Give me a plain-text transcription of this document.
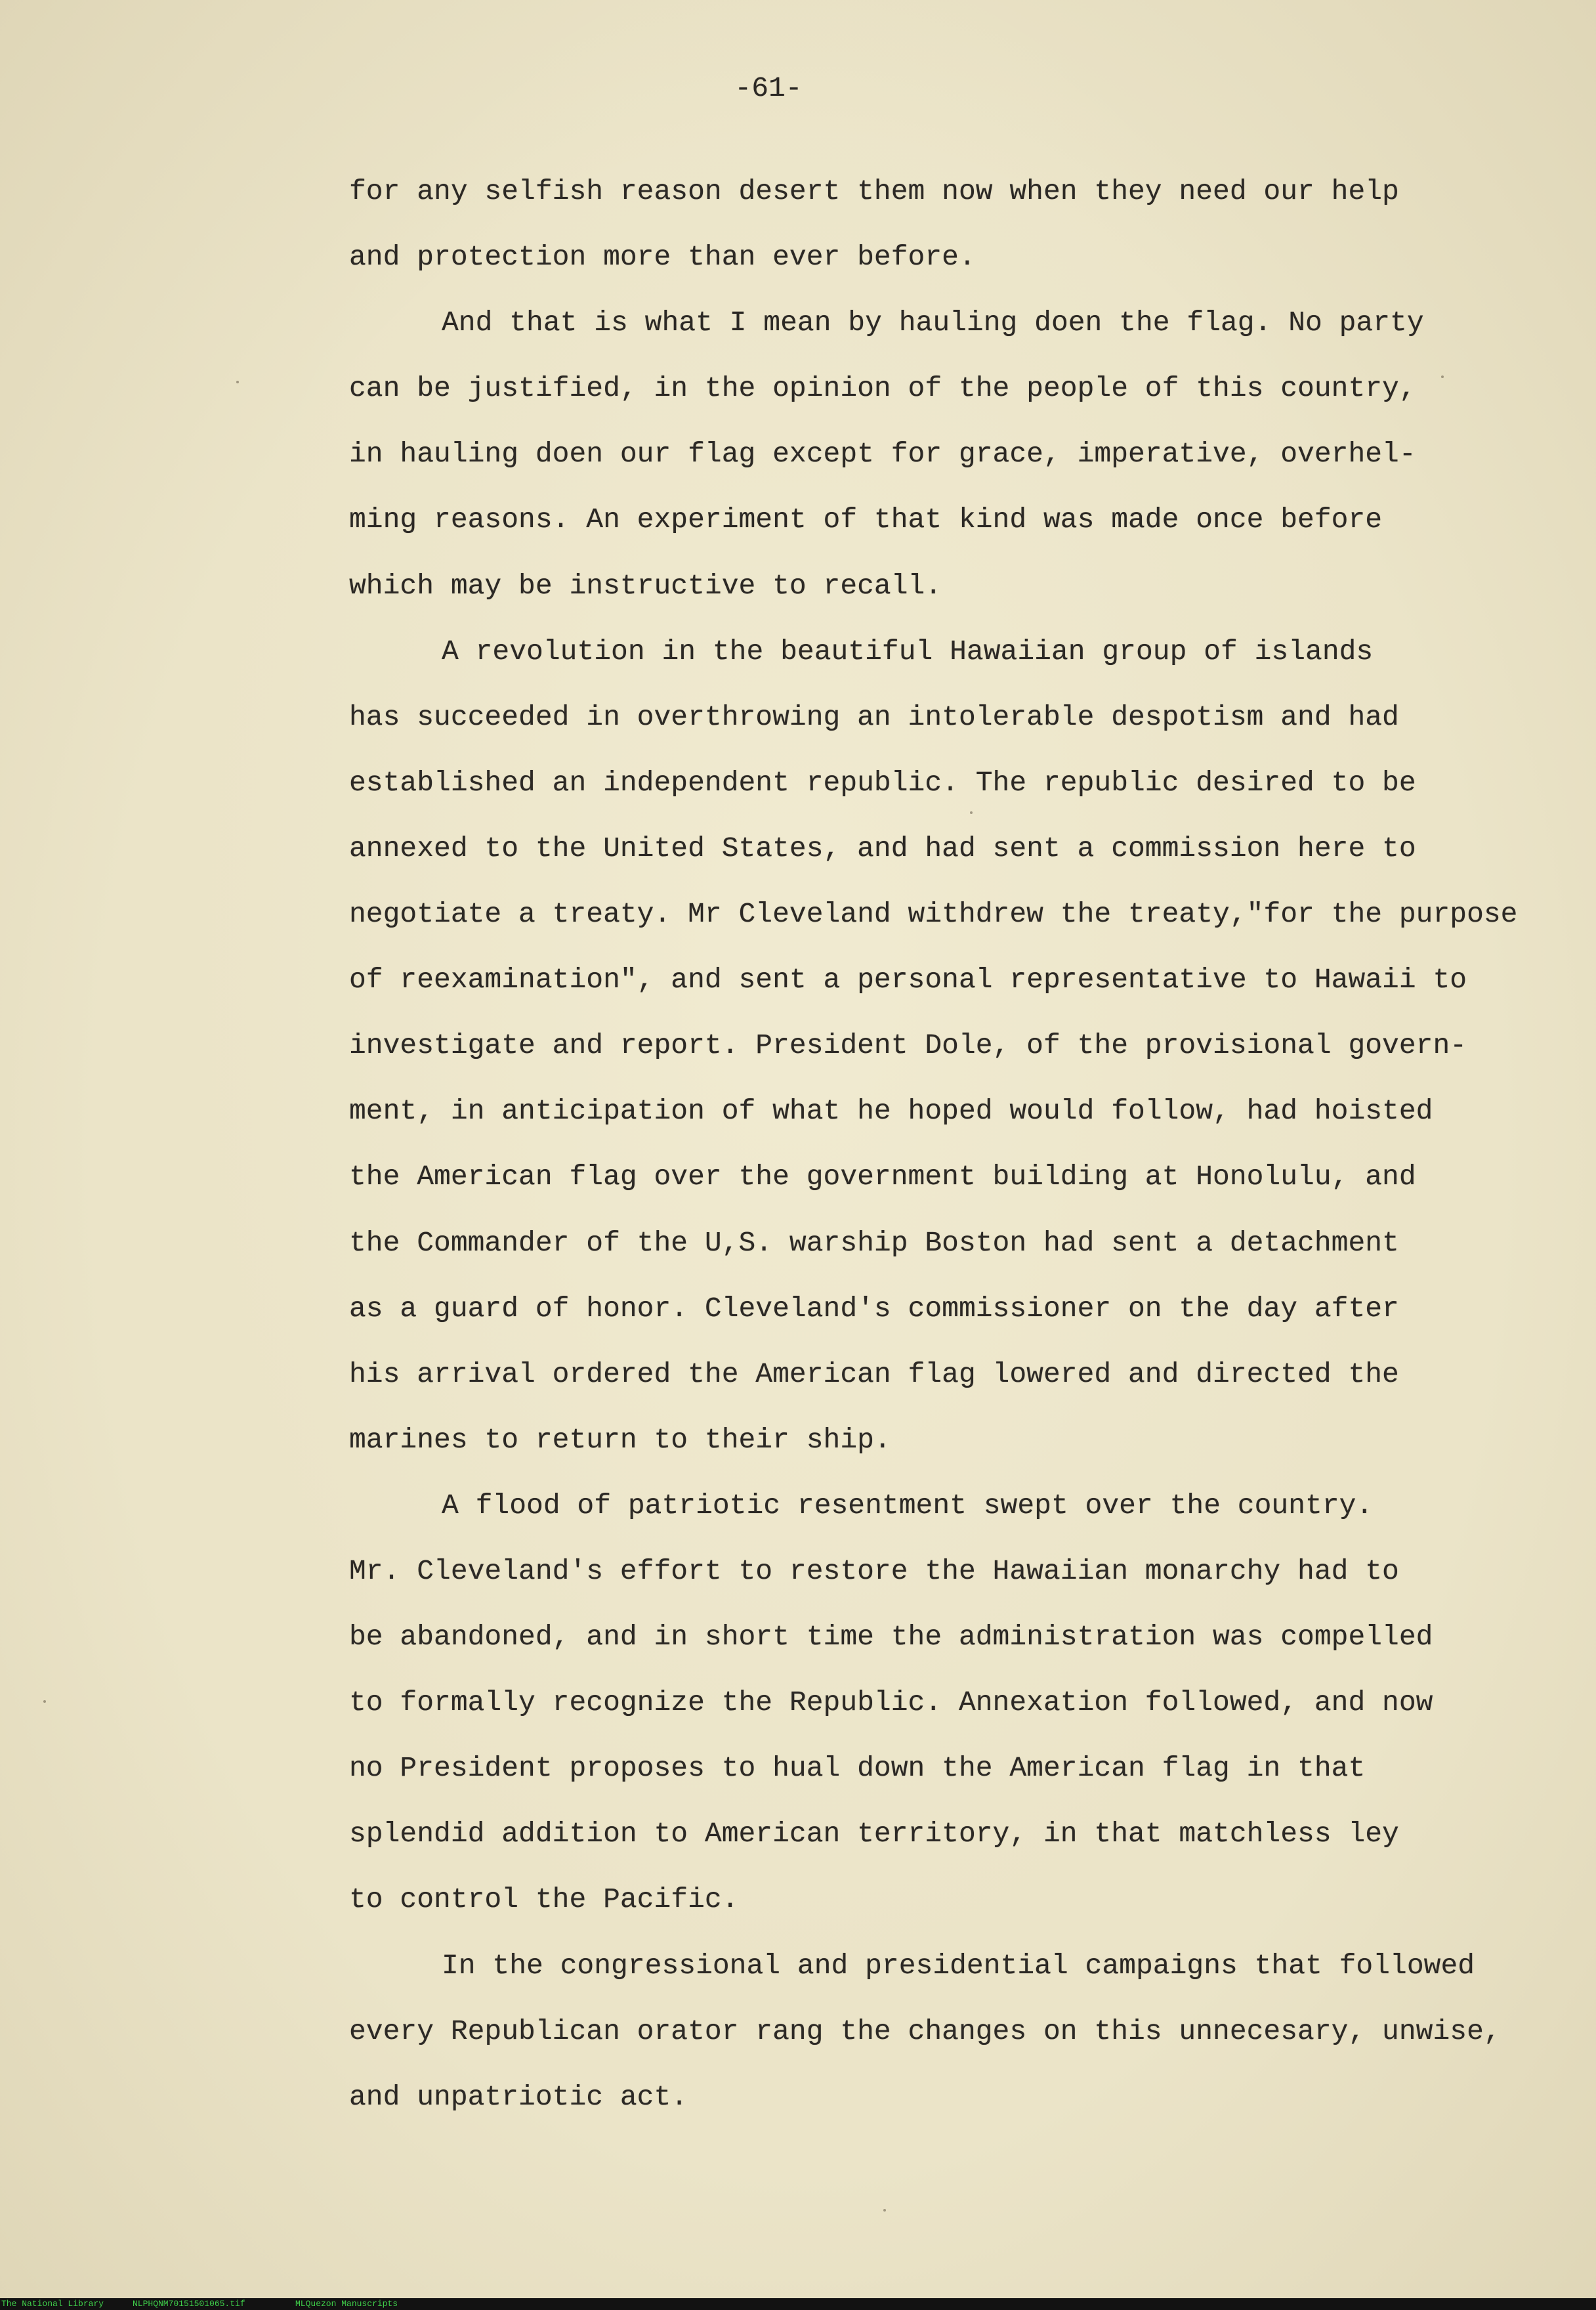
-61-
for any selfish reason desert them now when they need our help
and protection more than ever before.
And that is what I mean by hauling doen the flag. No party
can be justified, in the opinion of the people of this country,
in hauling doen our flag except for grace, imperative, overhel-
ming reasons. An experiment of that kind was made once before
which may be instructive to recall.
A revolution in the beautiful Hawaiian group of islands
has succeeded in overthrowing an intolerable despotism and had
established an independent republic. The republic desired to be
annexed to the United States, and had sent a commission here to
negotiate a treaty. Mr Cleveland withdrew the treaty,"for the purpose
of reexamination", and sent a personal representative to Hawaii to
investigate and report. President Dole, of the provisional govern-
ment, in anticipation of what he hoped would follow, had hoisted
the American flag over the government building at Honolulu, and
the Commander of the U,S. warship Boston had sent a detachment
as a guard of honor. Cleveland's commissioner on the day after
his arrival ordered the American flag lowered and directed the
marines to return to their ship.
A flood of patriotic resentment swept over the country.
Mr. Cleveland's effort to restore the Hawaiian monarchy had to
be abandoned, and in short time the administration was compelled
to formally recognize the Republic. Annexation followed, and now
no President proposes to hual down the American flag in that
splendid addition to American territory, in that matchless ley
to control the Pacific.
In the congressional and presidential campaigns that followed
every Republican orator rang the changes on this unnecesary, unwise,
and unpatriotic act.
The National Library	NLPHQNM70151501065.tif	MLQuezon Manuscripts
